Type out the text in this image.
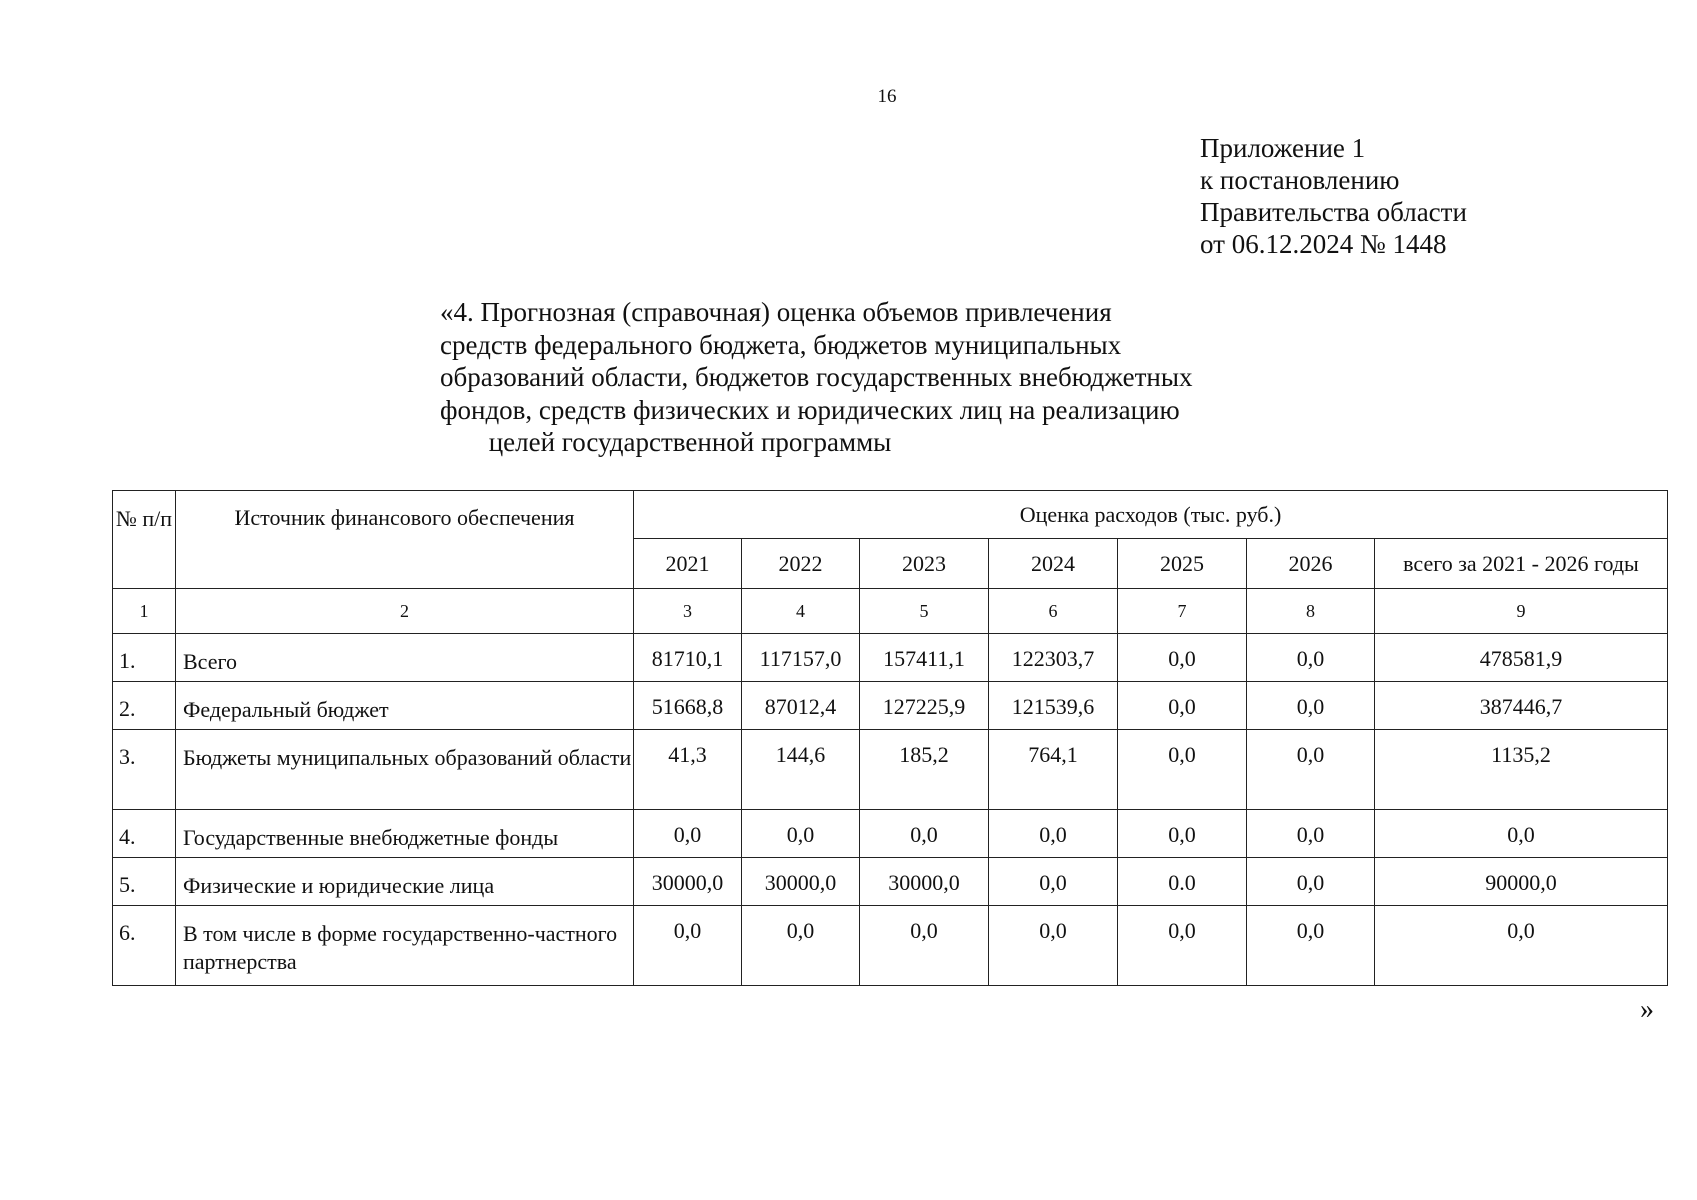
16
Приложение 1
к постановлению
Правительства области
от 06.12.2024 № 1448
«4. Прогнозная (справочная) оценка объемов привлечения
средств федерального бюджета, бюджетов муниципальных
образований области, бюджетов государственных внебюджетных
фондов, средств физических и юридических лиц на реализацию
целей государственной программы
№ п/п	Источник финансового обеспечения	Оценка расходов (тыс. руб.)						
		2021	2022	2023	2024	2025	2026	всего за 2021 - 2026 годы
1	2	3	4	5	6	7	8	9
1.	Всего	81710,1	117157,0	157411,1	122303,7	0,0	0,0	478581,9
2.	Федеральный бюджет	51668,8	87012,4	127225,9	121539,6	0,0	0,0	387446,7
3.	Бюджеты муниципальных образований области	41,3	144,6	185,2	764,1	0,0	0,0	1135,2
4.	Государственные внебюджетные фонды	0,0	0,0	0,0	0,0	0,0	0,0	0,0
5.	Физические и юридические лица	30000,0	30000,0	30000,0	0,0	0.0	0,0	90000,0
6.	В том числе в форме государственно-частного партнерства	0,0	0,0	0,0	0,0	0,0	0,0	0,0
»
